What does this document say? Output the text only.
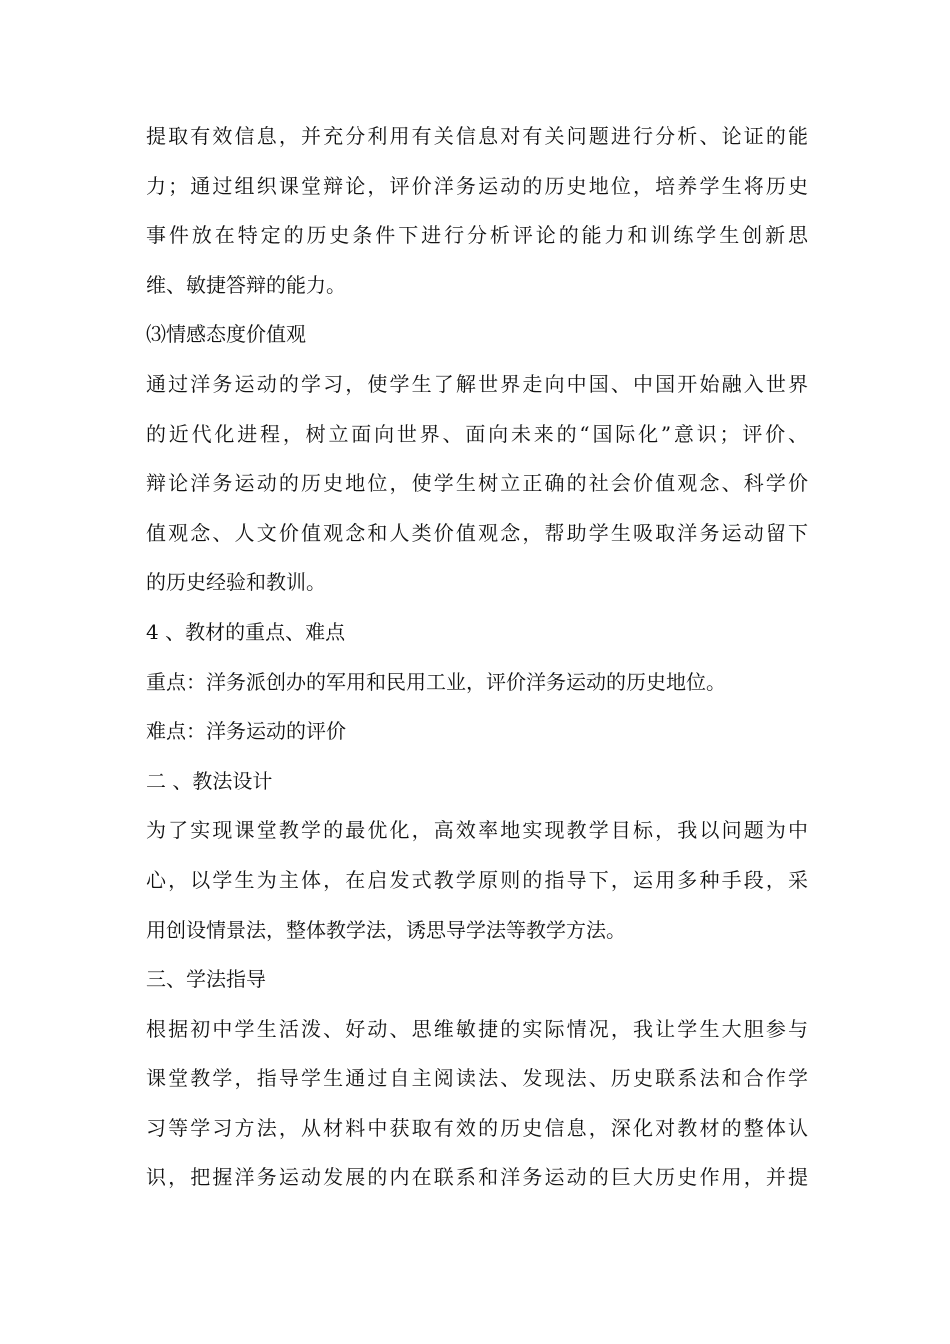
提取有效信息，并充分利用有关信息对有关问题进行分析、论证的能
力；通过组织课堂辩论，评价洋务运动的历史地位，培养学生将历史
事件放在特定的历史条件下进行分析评论的能力和训练学生创新思
维、敏捷答辩的能力。
⑶情感态度价值观
通过洋务运动的学习，使学生了解世界走向中国、中国开始融入世界
的近代化进程，树立面向世界、面向未来的“国际化”意识；评价、
辩论洋务运动的历史地位，使学生树立正确的社会价值观念、科学价
值观念、人文价值观念和人类价值观念，帮助学生吸取洋务运动留下
的历史经验和教训。
4 、教材的重点、难点
重点：洋务派创办的军用和民用工业，评价洋务运动的历史地位。
难点：洋务运动的评价
二 、教法设计
为了实现课堂教学的最优化，高效率地实现教学目标，我以问题为中
心，以学生为主体，在启发式教学原则的指导下，运用多种手段，采
用创设情景法，整体教学法，诱思导学法等教学方法。
三、学法指导
根据初中学生活泼、好动、思维敏捷的实际情况，我让学生大胆参与
课堂教学，指导学生通过自主阅读法、发现法、历史联系法和合作学
习等学习方法，从材料中获取有效的历史信息，深化对教材的整体认
识，把握洋务运动发展的内在联系和洋务运动的巨大历史作用，并提
